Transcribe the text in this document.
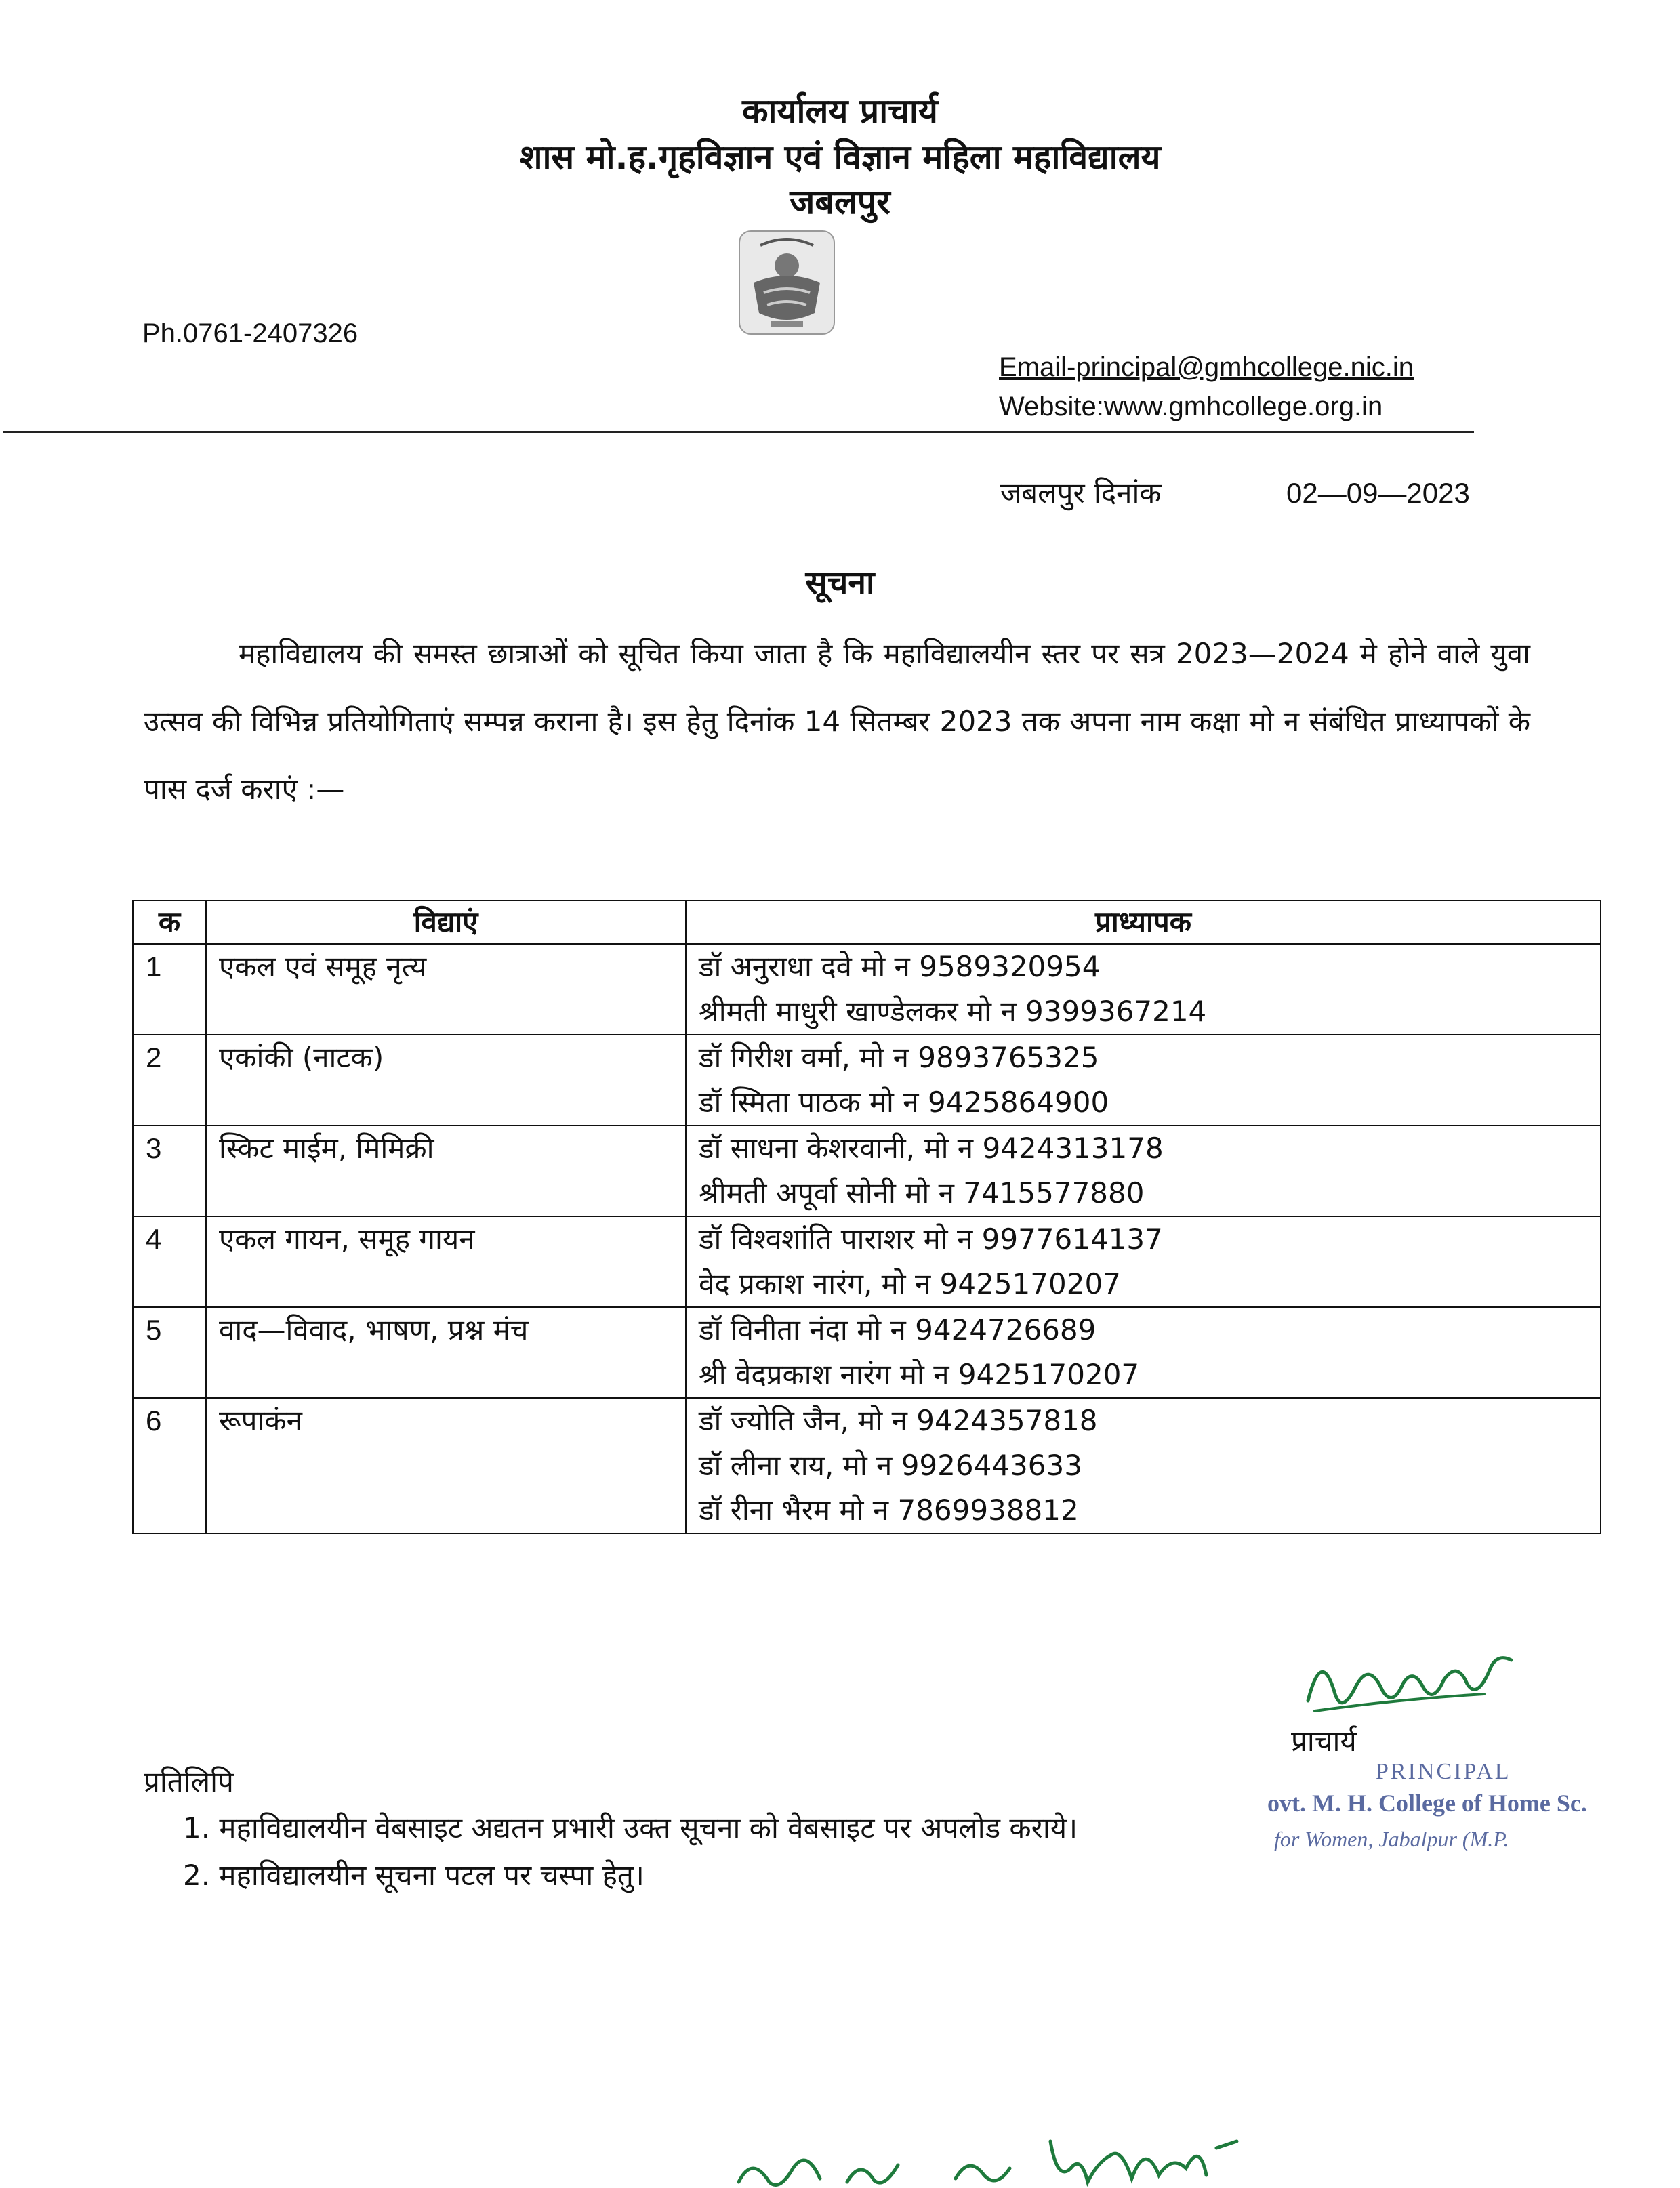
कार्यालय प्राचार्य
शास मो.ह.गृहविज्ञान एवं विज्ञान महिला महाविद्यालय
जबलपुर
Ph.0761-2407326
Email-principal@gmhcollege.nic.in
Website:www.gmhcollege.org.in
जबलपुर दिनांक	02—09—2023
सूचना
महाविद्यालय की समस्त छात्राओं को सूचित किया जाता है कि महाविद्यालयीन स्तर पर सत्र 2023—2024 मे होने वाले युवा उत्सव की विभिन्न प्रतियोगिताएं सम्पन्न कराना है। इस हेतु दिनांक 14 सितम्बर 2023 तक अपना नाम कक्षा मो न संबंधित प्राध्यापकों के पास दर्ज कराएं :—
क	विद्याएं	प्राध्यापक
1	एकल एवं समूह नृत्य	डॉ अनुराधा दवे मो न 9589320954
श्रीमती माधुरी खाण्डेलकर मो न 9399367214

2	एकांकी (नाटक)	डॉ गिरीश वर्मा, मो न 9893765325
डॉ स्मिता पाठक मो न 9425864900

3	स्किट माईम, मिमिक्री	डॉ साधना केशरवानी, मो न 9424313178
श्रीमती अपूर्वा सोनी मो न 7415577880

4	एकल गायन, समूह गायन	डॉ विश्वशांति पाराशर मो न 9977614137
वेद प्रकाश नारंग, मो न 9425170207

5	वाद—विवाद, भाषण, प्रश्न मंच	डॉ विनीता नंदा मो न 9424726689
श्री वेदप्रकाश नारंग मो न 9425170207

6	रूपाकंन	डॉ ज्योति जैन, मो न 9424357818
डॉ लीना राय, मो न 9926443633
डॉ रीना भैरम मो न 7869938812
प्राचार्य
PRINCIPAL
ovt. M. H. College of Home Sc.
for Women, Jabalpur (M.P.
प्रतिलिपि
1. महाविद्यालयीन वेबसाइट अद्यतन प्रभारी उक्त सूचना को वेबसाइट पर अपलोड कराये।
2. महाविद्यालयीन सूचना पटल पर चस्पा हेतु।
